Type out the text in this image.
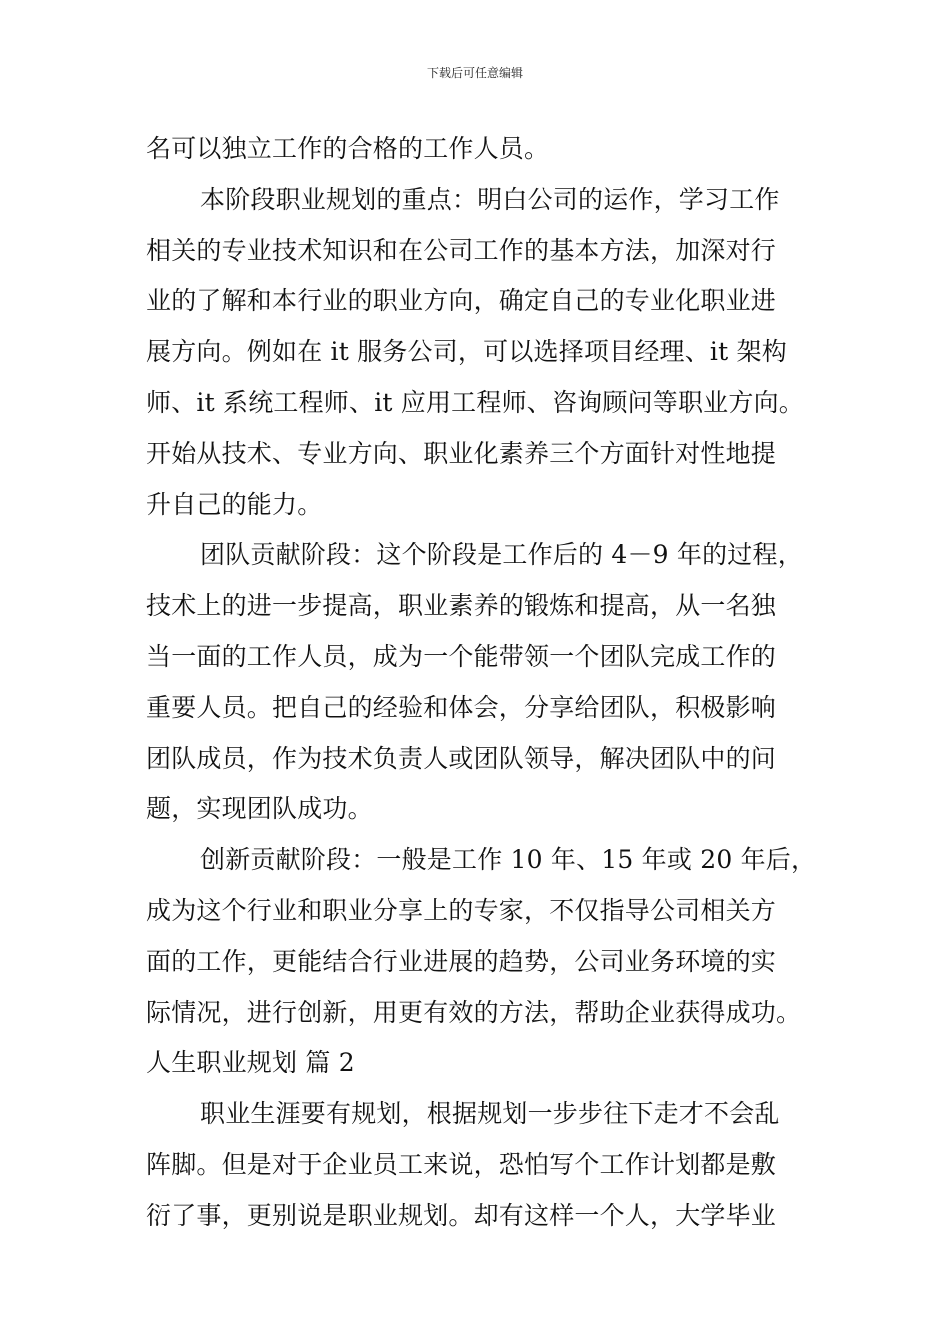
下载后可任意编辑
名可以独立工作的合格的工作人员。
本阶段职业规划的重点：明白公司的运作，学习工作
相关的专业技术知识和在公司工作的基本方法，加深对行
业的了解和本行业的职业方向，确定自己的专业化职业进
展方向。例如在 it 服务公司，可以选择项目经理、it 架构
师、it 系统工程师、it 应用工程师、咨询顾问等职业方向。
开始从技术、专业方向、职业化素养三个方面针对性地提
升自己的能力。
团队贡献阶段：这个阶段是工作后的 4－9 年的过程，
技术上的进一步提高，职业素养的锻炼和提高，从一名独
当一面的工作人员，成为一个能带领一个团队完成工作的
重要人员。把自己的经验和体会，分享给团队，积极影响
团队成员，作为技术负责人或团队领导，解决团队中的问
题，实现团队成功。
创新贡献阶段：一般是工作 10 年、15 年或 20 年后，
成为这个行业和职业分享上的专家，不仅指导公司相关方
面的工作，更能结合行业进展的趋势，公司业务环境的实
际情况，进行创新，用更有效的方法，帮助企业获得成功。
人生职业规划 篇 2
职业生涯要有规划，根据规划一步步往下走才不会乱
阵脚。但是对于企业员工来说，恐怕写个工作计划都是敷
衍了事，更别说是职业规划。却有这样一个人，大学毕业
